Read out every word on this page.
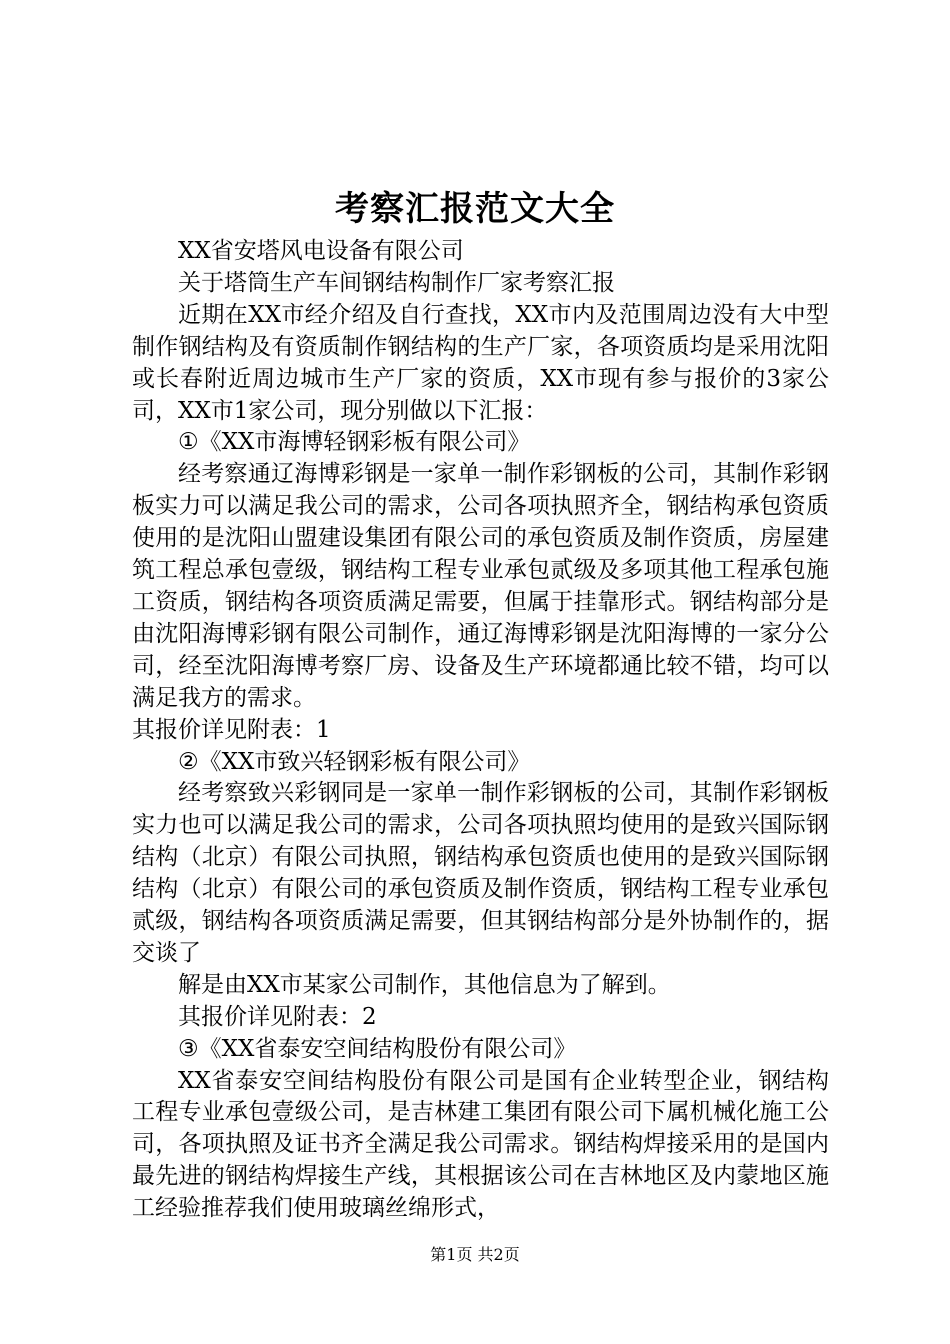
考察汇报范文大全

XX省安塔风电设备有限公司

关于塔筒生产车间钢结构制作厂家考察汇报

近期在XX市经介绍及自行查找，XX市内及范围周边没有大中型制作钢结构及有资质制作钢结构的生产厂家，各项资质均是采用沈阳或长春附近周边城市生产厂家的资质，XX市现有参与报价的3家公司，XX市1家公司，现分别做以下汇报：

①《XX市海博轻钢彩板有限公司》

经考察通辽海博彩钢是一家单一制作彩钢板的公司，其制作彩钢板实力可以满足我公司的需求，公司各项执照齐全，钢结构承包资质使用的是沈阳山盟建设集团有限公司的承包资质及制作资质，房屋建筑工程总承包壹级，钢结构工程专业承包贰级及多项其他工程承包施工资质，钢结构各项资质满足需要，但属于挂靠形式。钢结构部分是由沈阳海博彩钢有限公司制作，通辽海博彩钢是沈阳海博的一家分公司，经至沈阳海博考察厂房、设备及生产环境都通比较不错，均可以满足我方的需求。

其报价详见附表：1

②《XX市致兴轻钢彩板有限公司》

经考察致兴彩钢同是一家单一制作彩钢板的公司，其制作彩钢板实力也可以满足我公司的需求，公司各项执照均使用的是致兴国际钢结构（北京）有限公司执照，钢结构承包资质也使用的是致兴国际钢结构（北京）有限公司的承包资质及制作资质，钢结构工程专业承包贰级，钢结构各项资质满足需要，但其钢结构部分是外协制作的，据交谈了

解是由XX市某家公司制作，其他信息为了解到。

其报价详见附表：2

③《XX省泰安空间结构股份有限公司》

XX省泰安空间结构股份有限公司是国有企业转型企业，钢结构工程专业承包壹级公司，是吉林建工集团有限公司下属机械化施工公司，各项执照及证书齐全满足我公司需求。钢结构焊接采用的是国内最先进的钢结构焊接生产线，其根据该公司在吉林地区及内蒙地区施工经验推荐我们使用玻璃丝绵形式，

第1页 共2页
